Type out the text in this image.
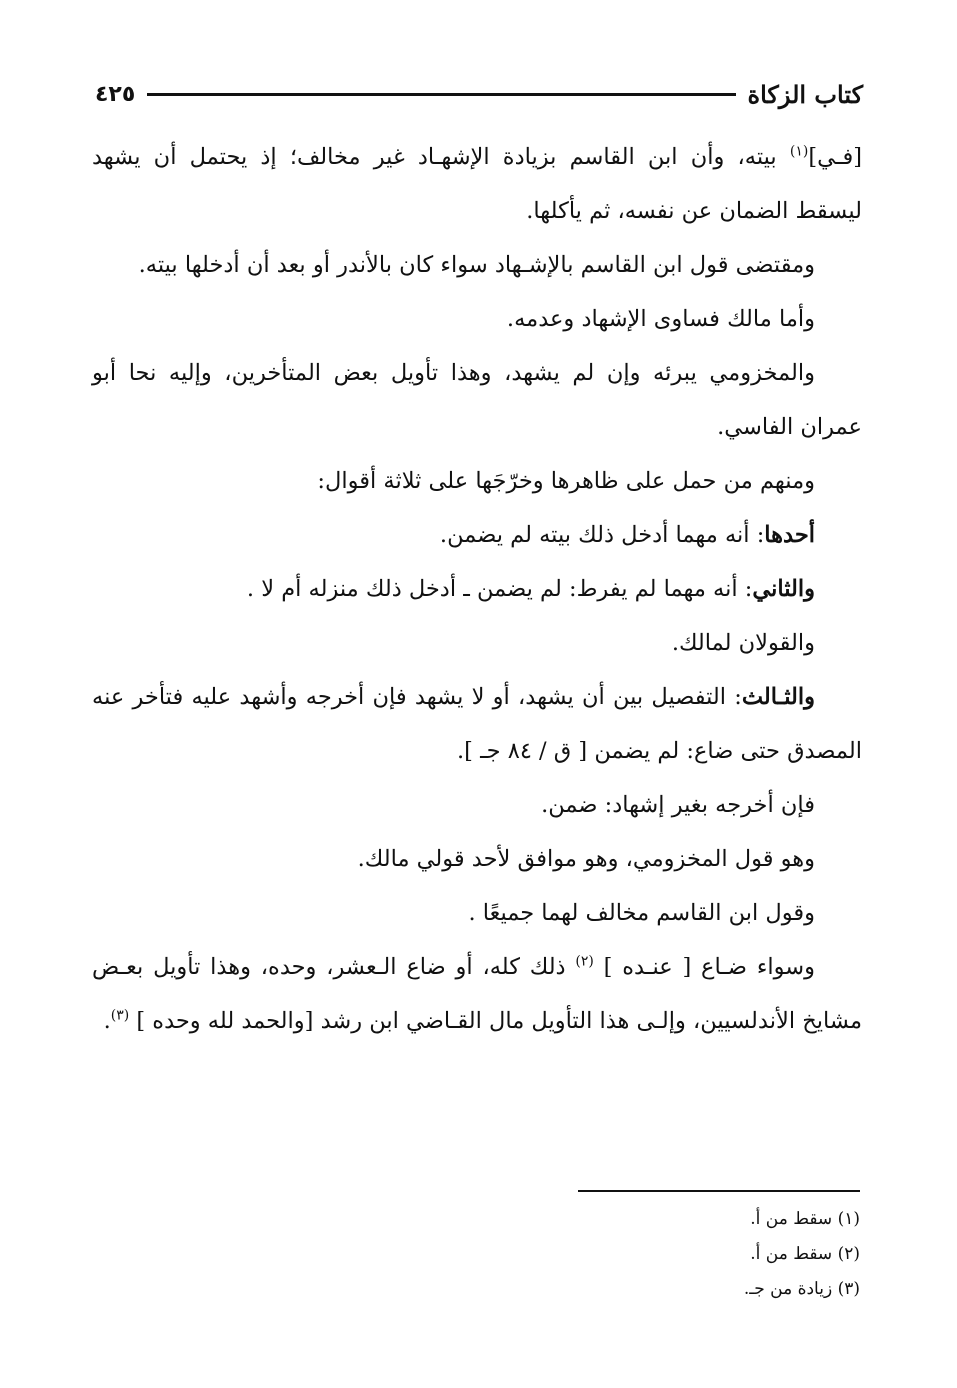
كتاب الزكاة
٤٢٥

[فـي]$^{(١)}$ بيته، وأن ابن القاسم بزيادة الإشهـاد غير مخالف؛ إذ يحتمل أن يشهد ليسقط الضمان عن نفسه، ثم يأكلها.

ومقتضى قول ابن القاسم بالإشـهاد سواء كان بالأندر أو بعد أن أدخلها بيته.

وأما مالك فساوى الإشهاد وعدمه.

والمخزومي يبرئه وإن لم يشهد، وهذا تأويل بعض المتأخرين، وإليه نحا أبو عمران الفاسي.

ومنهم من حمل على ظاهرها وخرّجَها على ثلاثة أقوال:

أحدها: أنه مهما أدخل ذلك بيته لم يضمن.

والثاني: أنه مهما لم يفرط: لم يضمن ـ أدخل ذلك منزله أم لا .

والقولان لمالك.

والثـالث: التفصيل بين أن يشهد، أو لا يشهد فإن أخرجه وأشهد عليه فتأخر عنه المصدق حتى ضاع: لم يضمن [ ق / ٨٤ جـ ].

فإن أخرجه بغير إشهاد: ضمن.

وهو قول المخزومي، وهو موافق لأحد قولي مالك.

وقول ابن القاسم مخالف لهما جميعًا .

وسواء ضـاع [ عنـده ] $^{(٢)}$ ذلك كله، أو ضاع الـعشر، وحده، وهذا تأويل بعـض مشايخ الأندلسيين، وإلـى هذا التأويل مال القـاضي ابن رشد [والحمد لله وحده ] $^{(٣)}$.

(١) سقط من أ.

(٢) سقط من أ.

(٣) زيادة من جـ.
